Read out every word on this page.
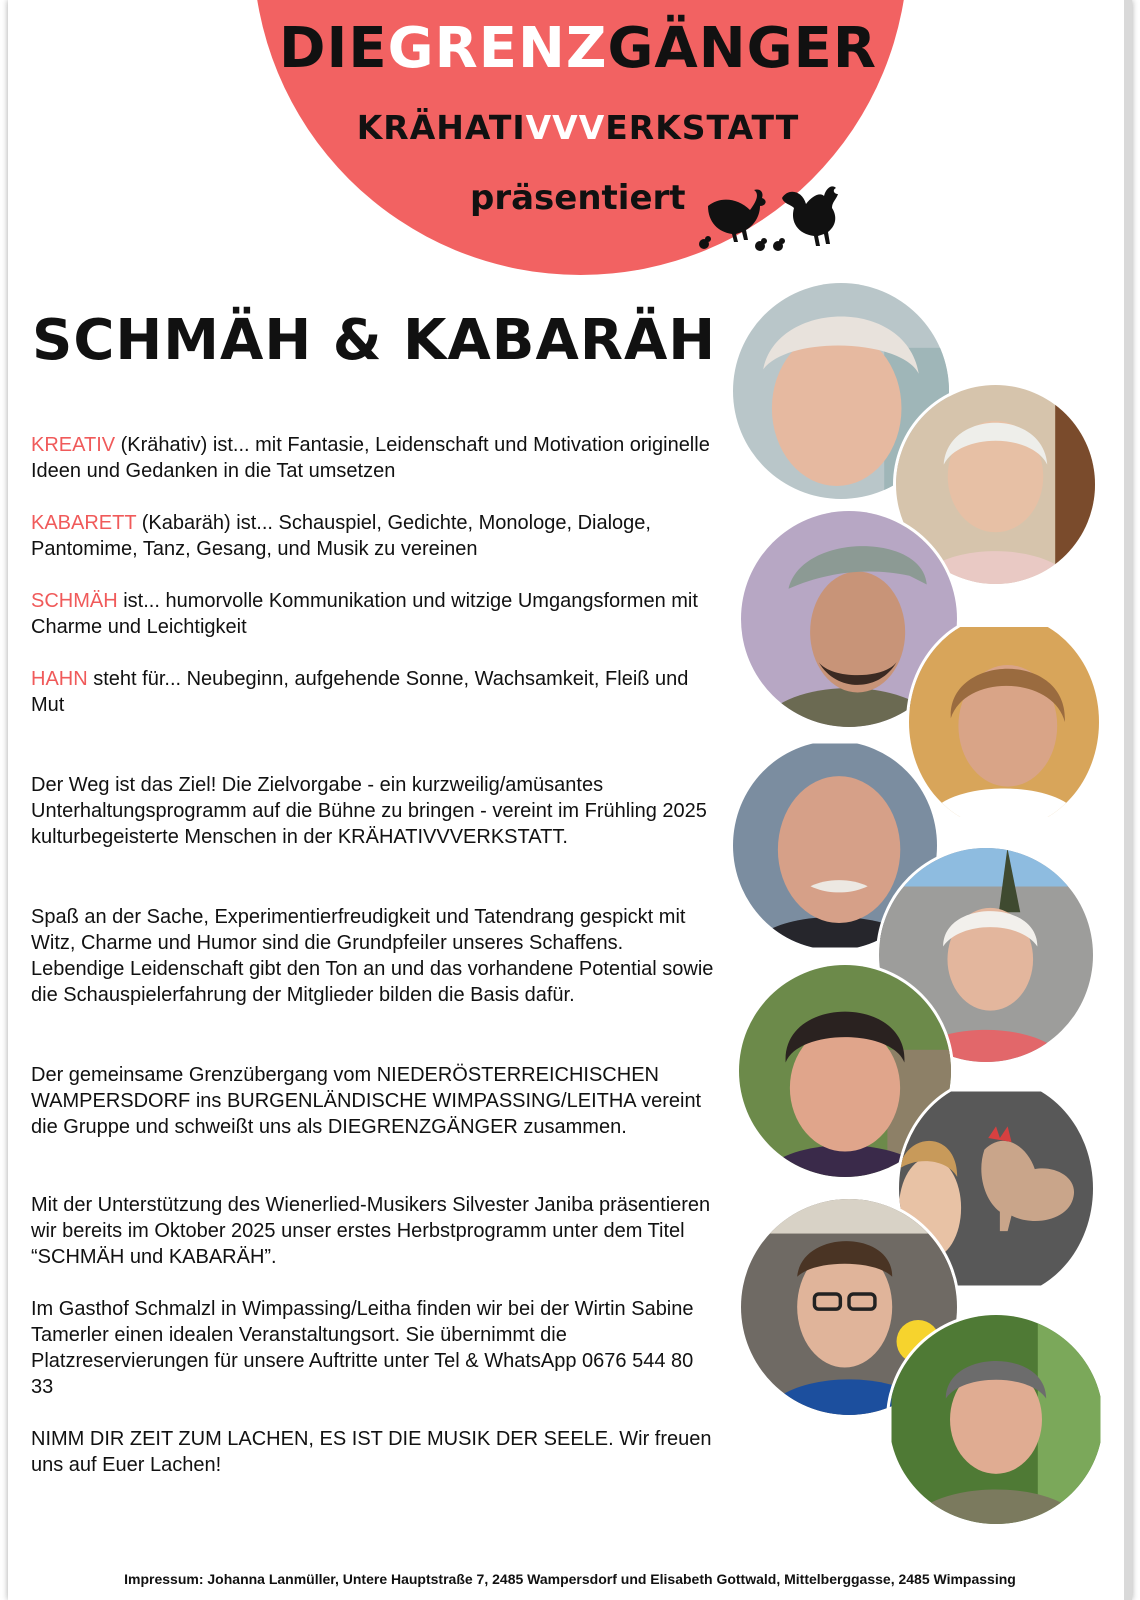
DIEGRENZGÄNGER
KRÄHATIVVVERKSTATT
präsentiert
SCHMÄH & KABARÄH
KREATIV (Krähativ) ist... mit Fantasie, Leidenschaft und Motivation originelle Ideen und Gedanken in die Tat umsetzen
KABARETT (Kabaräh) ist... Schauspiel, Gedichte, Monologe, Dialoge, Pantomime, Tanz, Gesang, und Musik zu vereinen
SCHMÄH ist... humorvolle Kommunikation und witzige Umgangsformen mit Charme und Leichtigkeit
HAHN steht für... Neubeginn, aufgehende Sonne, Wachsamkeit, Fleiß und Mut
Der Weg ist das Ziel! Die Zielvorgabe - ein kurzweilig/amüsantes Unterhaltungsprogramm auf die Bühne zu bringen - vereint im Frühling 2025 kulturbegeisterte Menschen in der KRÄHATIVVVERKSTATT.
Spaß an der Sache, Experimentierfreudigkeit und Tatendrang gespickt mit Witz, Charme und Humor sind die Grundpfeiler unseres Schaffens. Lebendige Leidenschaft gibt den Ton an und das vorhandene Potential sowie die Schauspielerfahrung der Mitglieder bilden die Basis dafür.
Der gemeinsame Grenzübergang vom NIEDERÖSTERREICHISCHEN WAMPERSDORF ins BURGENLÄNDISCHE WIMPASSING/LEITHA vereint die Gruppe und schweißt uns als DIEGRENZGÄNGER zusammen.
Mit der Unterstützung des Wienerlied-Musikers Silvester Janiba präsentieren wir bereits im Oktober 2025 unser erstes Herbstprogramm unter dem Titel “SCHMÄH und KABARÄH”.
Im Gasthof Schmalzl in Wimpassing/Leitha finden wir bei der Wirtin Sabine Tamerler einen idealen Veranstaltungsort. Sie übernimmt die Platzreservierungen für unsere Auftritte unter Tel & WhatsApp 0676 544 80 33
NIMM DIR ZEIT ZUM LACHEN, ES IST DIE MUSIK DER SEELE. Wir freuen uns auf Euer Lachen!
Impressum: Johanna Lanmüller, Untere Hauptstraße 7, 2485 Wampersdorf und Elisabeth Gottwald, Mittelberggasse, 2485 Wimpassing
